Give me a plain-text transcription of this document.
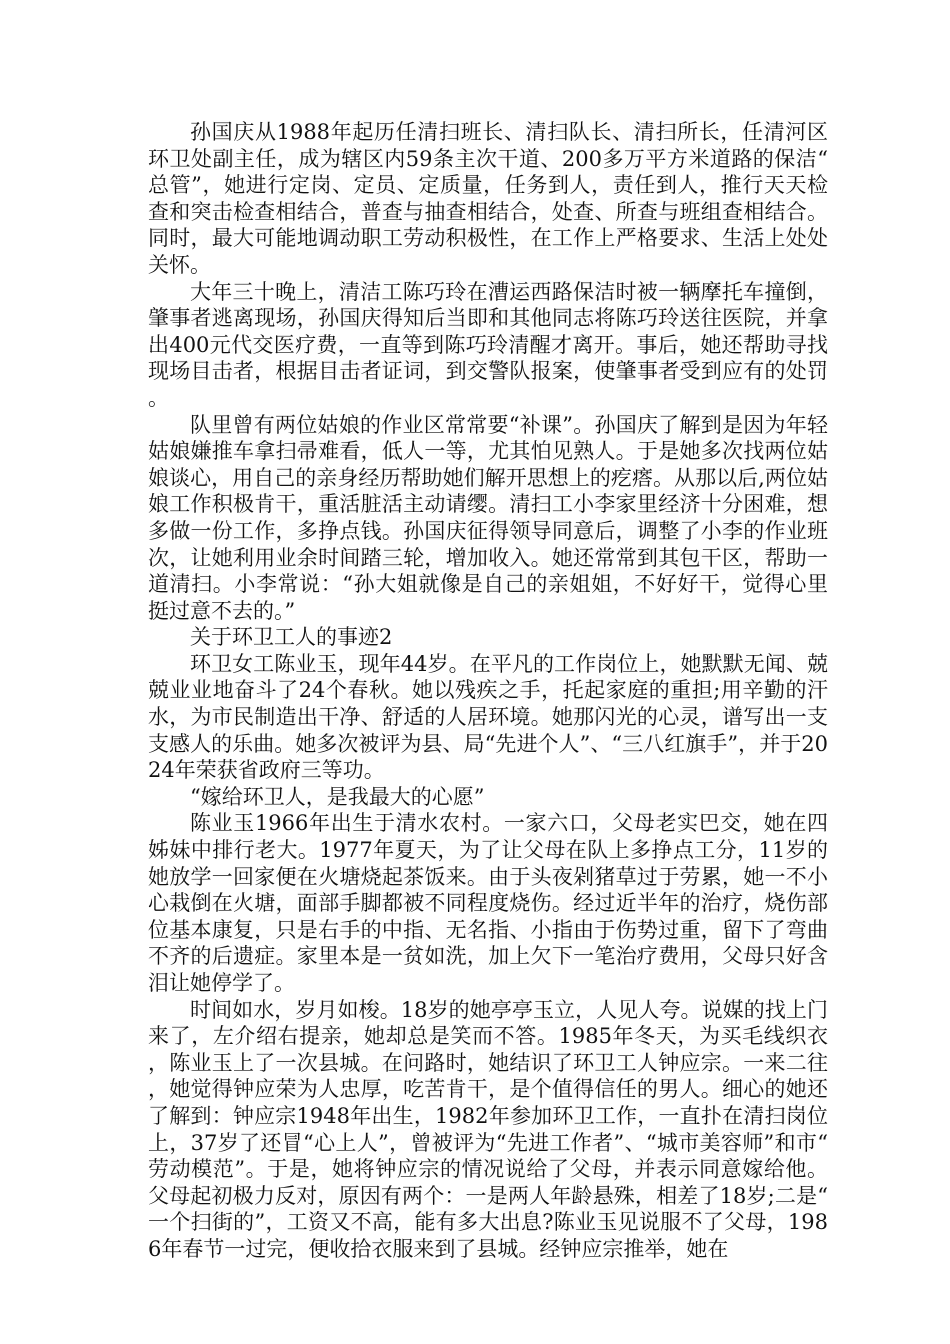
孙国庆从1988年起历任清扫班长、清扫队长、清扫所长，任清河区环卫处副主任，成为辖区内59条主次干道、200多万平方米道路的保洁“总管”，她进行定岗、定员、定质量，任务到人，责任到人，推行天天检查和突击检查相结合，普查与抽查相结合，处查、所查与班组查相结合。同时，最大可能地调动职工劳动积极性，在工作上严格要求、生活上处处关怀。

大年三十晚上，清洁工陈巧玲在漕运西路保洁时被一辆摩托车撞倒，肇事者逃离现场，孙国庆得知后当即和其他同志将陈巧玲送往医院，并拿出400元代交医疗费，一直等到陈巧玲清醒才离开。事后，她还帮助寻找现场目击者，根据目击者证词，到交警队报案，使肇事者受到应有的处罚。

队里曾有两位姑娘的作业区常常要“补课”。孙国庆了解到是因为年轻姑娘嫌推车拿扫帚难看，低人一等，尤其怕见熟人。于是她多次找两位姑娘谈心，用自己的亲身经历帮助她们解开思想上的疙瘩。从那以后,两位姑娘工作积极肯干，重活脏活主动请缨。清扫工小李家里经济十分困难，想多做一份工作，多挣点钱。孙国庆征得领导同意后，调整了小李的作业班次，让她利用业余时间踏三轮，增加收入。她还常常到其包干区，帮助一道清扫。小李常说：“孙大姐就像是自己的亲姐姐，不好好干，觉得心里挺过意不去的。”

关于环卫工人的事迹2

环卫女工陈业玉，现年44岁。在平凡的工作岗位上，她默默无闻、兢兢业业地奋斗了24个春秋。她以残疾之手，托起家庭的重担;用辛勤的汗水，为市民制造出干净、舒适的人居环境。她那闪光的心灵，谱写出一支支感人的乐曲。她多次被评为县、局“先进个人”、“三八红旗手”，并于2024年荣获省政府三等功。

“嫁给环卫人，是我最大的心愿”

陈业玉1966年出生于清水农村。一家六口，父母老实巴交，她在四姊妹中排行老大。1977年夏天，为了让父母在队上多挣点工分，11岁的她放学一回家便在火塘烧起茶饭来。由于头夜剁猪草过于劳累，她一不小心栽倒在火塘，面部手脚都被不同程度烧伤。经过近半年的治疗，烧伤部位基本康复，只是右手的中指、无名指、小指由于伤势过重，留下了弯曲不齐的后遗症。家里本是一贫如洗，加上欠下一笔治疗费用，父母只好含泪让她停学了。

时间如水，岁月如梭。18岁的她亭亭玉立，人见人夸。说媒的找上门来了，左介绍右提亲，她却总是笑而不答。1985年冬天，为买毛线织衣，陈业玉上了一次县城。在问路时，她结识了环卫工人钟应宗。一来二往，她觉得钟应荣为人忠厚，吃苦肯干，是个值得信任的男人。细心的她还了解到：钟应宗1948年出生，1982年参加环卫工作，一直扑在清扫岗位上，37岁了还冒“心上人”，曾被评为“先进工作者”、“城市美容师”和市“劳动模范”。于是，她将钟应宗的情况说给了父母，并表示同意嫁给他。父母起初极力反对，原因有两个：一是两人年龄悬殊，相差了18岁;二是“一个扫街的”，工资又不高，能有多大出息?陈业玉见说服不了父母，1986年春节一过完，便收拾衣服来到了县城。经钟应宗推举，她在
